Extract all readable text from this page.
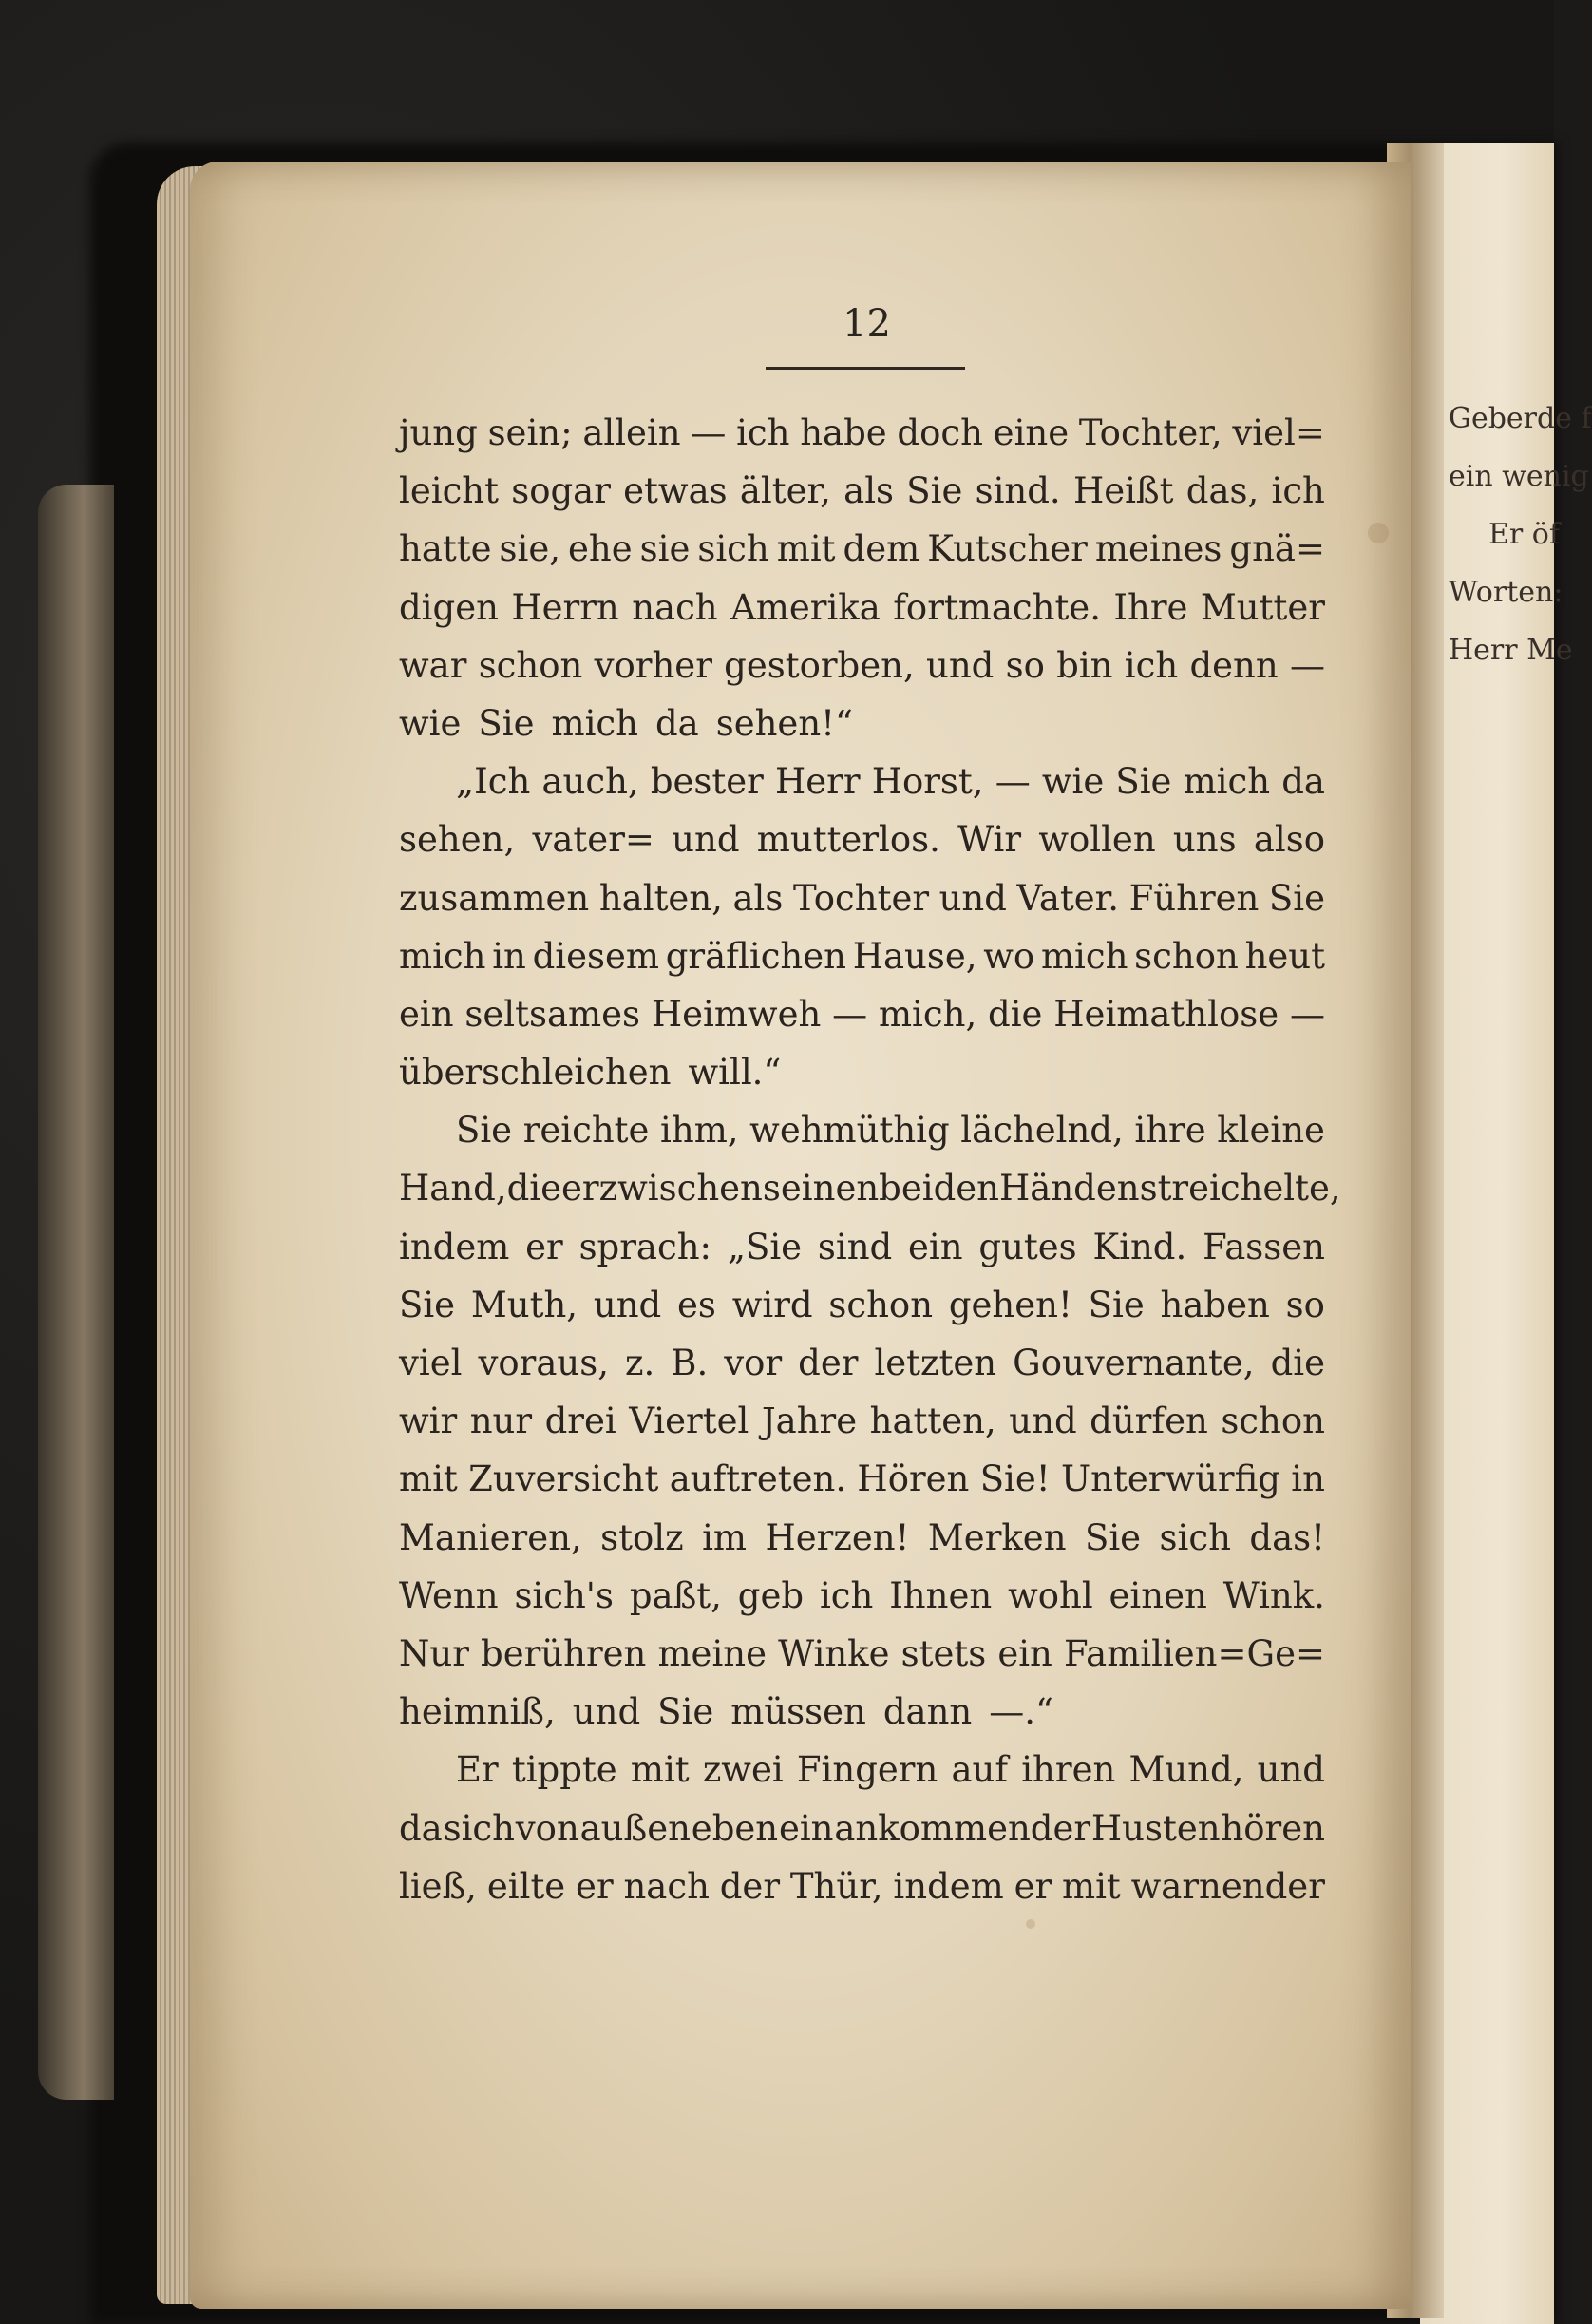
12
jung sein; allein — ich habe doch eine Tochter, viel=
leicht sogar etwas älter, als Sie sind. Heißt das, ich
hatte sie, ehe sie sich mit dem Kutscher meines gnä=
digen Herrn nach Amerika fortmachte. Ihre Mutter
war schon vorher gestorben, und so bin ich denn —
wie Sie mich da sehen!“
„Ich auch, bester Herr Horst, — wie Sie mich da
sehen, vater= und mutterlos. Wir wollen uns also
zusammen halten, als Tochter und Vater. Führen Sie
mich in diesem gräflichen Hause, wo mich schon heut
ein seltsames Heimweh — mich, die Heimathlose —
überschleichen will.“
Sie reichte ihm, wehmüthig lächelnd, ihre kleine
Hand, die er zwischen seinen beiden Händen streichelte,
indem er sprach: „Sie sind ein gutes Kind. Fassen
Sie Muth, und es wird schon gehen! Sie haben so
viel voraus, z. B. vor der letzten Gouvernante, die
wir nur drei Viertel Jahre hatten, und dürfen schon
mit Zuversicht auftreten. Hören Sie! Unterwürfig in
Manieren, stolz im Herzen! Merken Sie sich das!
Wenn sich's paßt, geb ich Ihnen wohl einen Wink.
Nur berühren meine Winke stets ein Familien=Ge=
heimniß, und Sie müssen dann —.“
Er tippte mit zwei Fingern auf ihren Mund, und
da sich von außen eben ein ankommender Husten hören
ließ, eilte er nach der Thür, indem er mit warnender
Geberde f
ein wenig
Er öf
Worten:
Herr Me
